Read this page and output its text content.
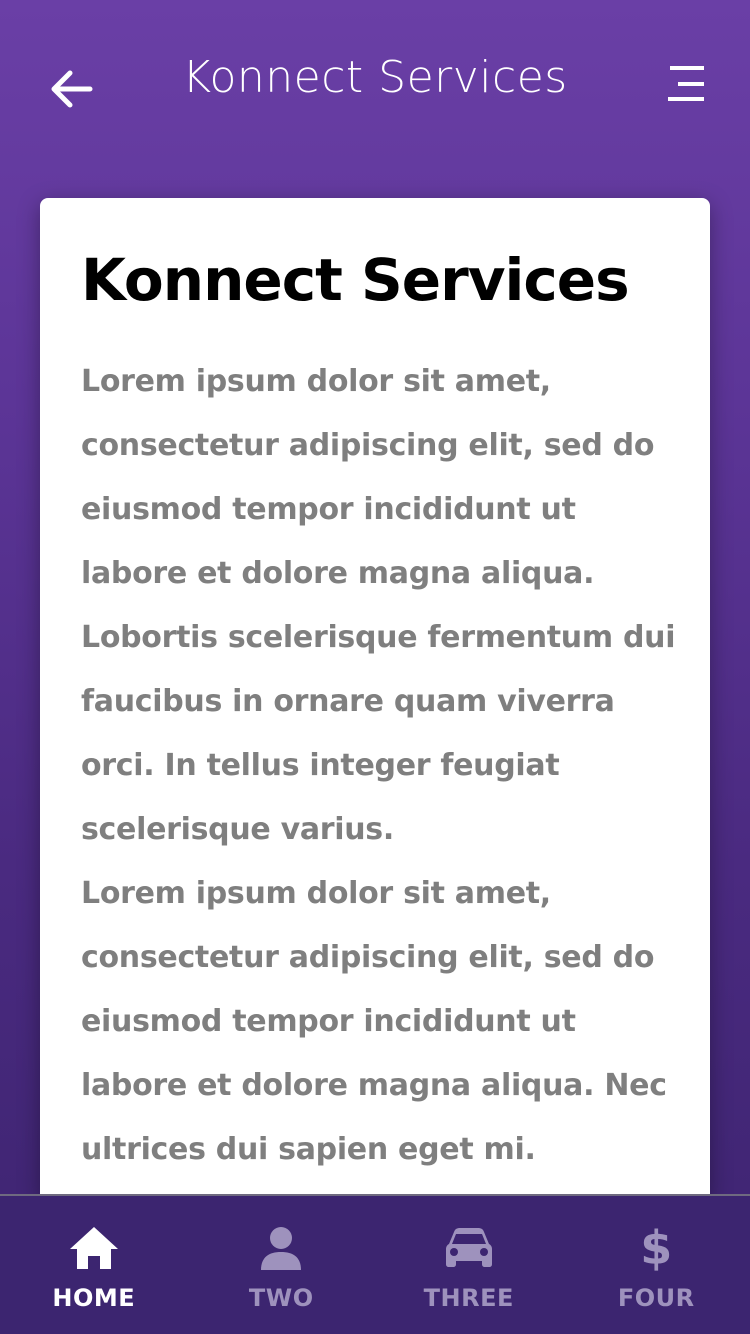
Konnect Services
Konnect Services

Lorem ipsum dolor sit amet, consectetur adipiscing elit, sed do eiusmod tempor incididunt ut labore et dolore magna aliqua. Lobortis scelerisque fermentum dui faucibus in ornare quam viverra orci. In tellus integer feugiat scelerisque varius.

Lorem ipsum dolor sit amet, consectetur adipiscing elit, sed do eiusmod tempor incididunt ut labore et dolore magna aliqua. Nec ultrices dui sapien eget mi.

HOME	TWO	THREE
$
FOUR
